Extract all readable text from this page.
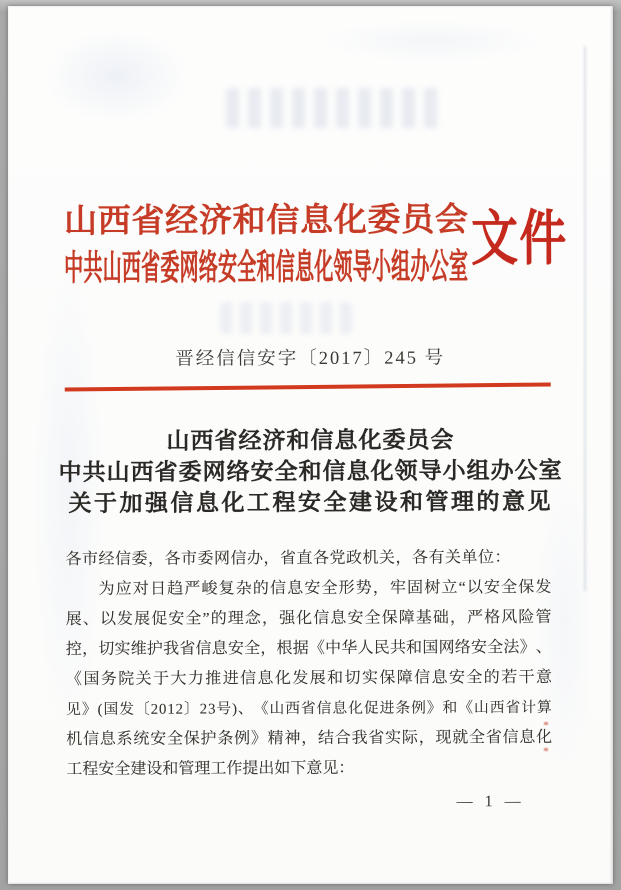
山 西 省 经 济 和 信 息 化 委 员 会
中 共 山 西 省 委 网 络 安 全 和 信 息 化 领 导 小 组 办 公 室 文件
晋经信信安字〔2017〕245 号
山西省经济和信息化委员会
中共山西省委网络安全和信息化领导小组办公室
关于加强信息化工程安全建设和管理的意见
各市经信委，各市委网信办，省直各党政机关，各有关单位：
为 应 对 日 趋 严 峻 复 杂 的 信 息 安 全 形 势 ， 牢 固 树 立 “ 以 安 全 保 发
展 、 以 发 展 促 安 全 ” 的 理 念 ， 强 化 信 息 安 全 保 障 基 础 ， 严 格 风 险 管
控 ， 切 实 维 护 我 省 信 息 安 全 ， 根 据 《 中 华 人 民 共 和 国 网 络 安 全 法 》 、
《 国 务 院 关 于 大 力 推 进 信 息 化 发 展 和 切 实 保 障 信 息 安 全 的 若 干 意
见 》 ( 国 发 〔 2 0 1 2 〕 2 3 号 ) 、 《 山 西 省 信 息 化 促 进 条 例 》 和 《 山 西 省 计 算
机 信 息 系 统 安 全 保 护 条 例 》 精 神 ， 结 合 我 省 实 际 ， 现 就 全 省 信 息 化
工程安全建设和管理工作提出如下意见：
— 1 —
